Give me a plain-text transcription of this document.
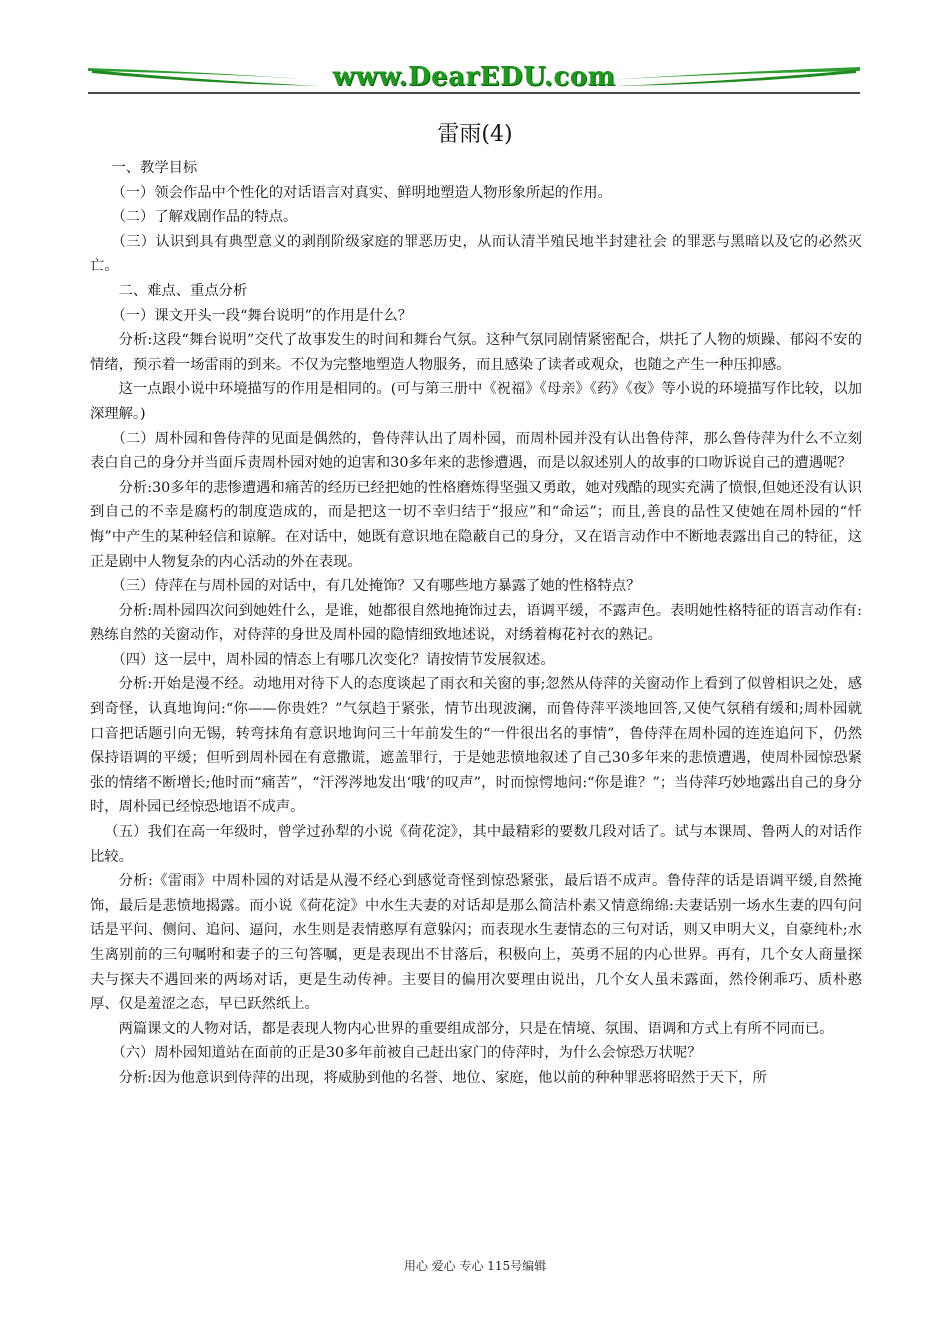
www.DearEDU.com
雷雨(4)

一、教学目标

（一）领会作品中个性化的对话语言对真实、鲜明地塑造人物形象所起的作用。

（二）了解戏剧作品的特点。

（三）认识到具有典型意义的剥削阶级家庭的罪恶历史，从而认清半殖民地半封建社会 的罪恶与黑暗以及它的必然灭亡。

二、难点、重点分析

（一）课文开头一段“舞台说明”的作用是什么？

分析:这段“舞台说明”交代了故事发生的时间和舞台气氛。这种气氛同剧情紧密配合，烘托了人物的烦躁、郁闷不安的情绪，预示着一场雷雨的到来。不仅为完整地塑造人物服务，而且感染了读者或观众，也随之产生一种压抑感。

这一点跟小说中环境描写的作用是相同的。(可与第三册中《祝福》《母亲》《药》《夜》等小说的环境描写作比较，以加深理解。)

（二）周朴园和鲁侍萍的见面是偶然的，鲁侍萍认出了周朴园，而周朴园并没有认出鲁侍萍，那么鲁侍萍为什么不立刻表白自己的身分并当面斥责周朴园对她的迫害和30多年来的悲惨遭遇，而是以叙述别人的故事的口吻诉说自己的遭遇呢？

分析:30多年的悲惨遭遇和痛苦的经历已经把她的性格磨炼得坚强又勇敢，她对残酷的现实充满了愤恨,但她还没有认识到自己的不幸是腐朽的制度造成的，而是把这一切不幸归结于“报应”和“命运”；而且,善良的品性又使她在周朴园的“忏悔”中产生的某种轻信和谅解。在对话中，她既有意识地在隐蔽自己的身分，又在语言动作中不断地表露出自己的特征，这正是剧中人物复杂的内心活动的外在表现。

（三）侍萍在与周朴园的对话中，有几处掩饰？又有哪些地方暴露了她的性格特点？

分析:周朴园四次问到她姓什么，是谁，她都很自然地掩饰过去，语调平缓，不露声色。表明她性格特征的语言动作有:熟练自然的关窗动作，对侍萍的身世及周朴园的隐情细致地述说，对绣着梅花衬衣的熟记。

（四）这一层中，周朴园的情态上有哪几次变化？请按情节发展叙述。

分析:开始是漫不经。动地用对待下人的态度谈起了雨衣和关窗的事;忽然从侍萍的关窗动作上看到了似曾相识之处，感到奇怪，认真地询问:“你——你贵姓？”气氛趋于紧张，情节出现波澜，而鲁侍萍平淡地回答,又使气氛稍有缓和;周朴园就口音把话题引向无锡，转弯抹角有意识地询问三十年前发生的“一件很出名的事情”，鲁侍萍在周朴园的连连追问下，仍然保持语调的平缓；但听到周朴园在有意撒谎，遮盖罪行，于是她悲愤地叙述了自己30多年来的悲愤遭遇，使周朴园惊恐紧张的情绪不断增长;他时而“痛苦”，“汗涔涔地发出‘哦’的叹声”，时而惊愕地问:“你是谁？”；当侍萍巧妙地露出自己的身分时，周朴园已经惊恐地语不成声。

（五）我们在高一年级时，曾学过孙犁的小说《荷花淀》，其中最精彩的要数几段对话了。试与本课周、鲁两人的对话作比较。

分析:《雷雨》中周朴园的对话是从漫不经心到感觉奇怪到惊恐紧张，最后语不成声。鲁侍萍的话是语调平缓,自然掩饰，最后是悲愤地揭露。而小说《荷花淀》中水生夫妻的对话却是那么简洁朴素又情意绵绵:夫妻话别一场水生妻的四句问话是平问、侧问、追问、逼问，水生则是表情憨厚有意躲闪；而表现水生妻情态的三句对话，则又申明大义，自豪纯朴;水生离别前的三句嘱咐和妻子的三句答嘱，更是表现出不甘落后，积极向上，英勇不屈的内心世界。再有，几个女人商量探夫与探夫不遇回来的两场对话，更是生动传神。主要目的偏用次要理由说出，几个女人虽未露面，然伶俐乖巧、质朴憨厚、仅是羞涩之态，早已跃然纸上。

两篇课文的人物对话，都是表现人物内心世界的重要组成部分，只是在情境、氛围、语调和方式上有所不同而已。

（六）周朴园知道站在面前的正是30多年前被自己赶出家门的侍萍时，为什么会惊恐万状呢？

分析:因为他意识到侍萍的出现，将威胁到他的名誉、地位、家庭，他以前的种种罪恶将昭然于天下，所

用心 爱心 专心 115号编辑
